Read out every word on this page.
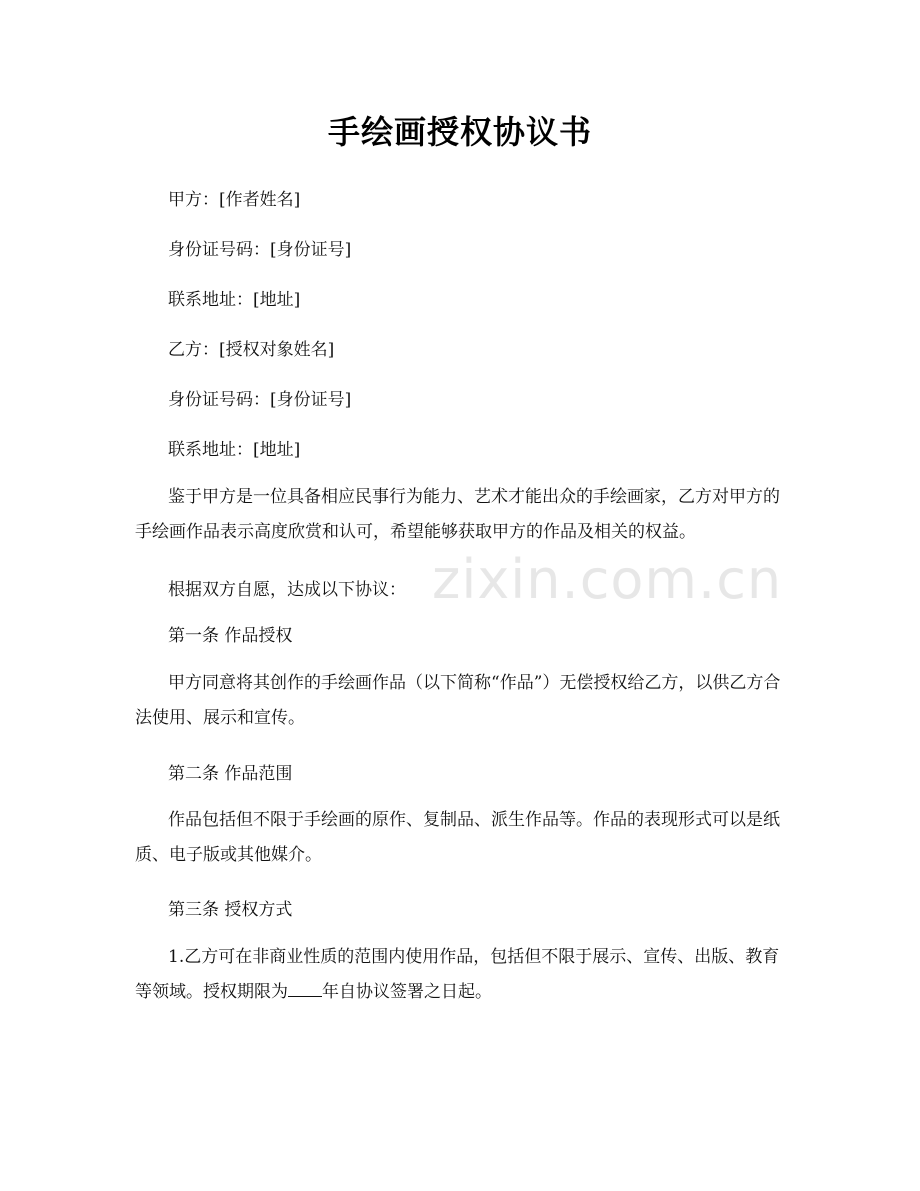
手绘画授权协议书
甲方：[作者姓名]
身份证号码：[身份证号]
联系地址：[地址]
乙方：[授权对象姓名]
身份证号码：[身份证号]
联系地址：[地址]
鉴于甲方是一位具备相应民事行为能力、艺术才能出众的手绘画家，乙方对甲方的手绘画作品表示高度欣赏和认可，希望能够获取甲方的作品及相关的权益。
根据双方自愿，达成以下协议：
第一条 作品授权
甲方同意将其创作的手绘画作品（以下简称“作品”）无偿授权给乙方，以供乙方合法使用、展示和宣传。
第二条 作品范围
作品包括但不限于手绘画的原作、复制品、派生作品等。作品的表现形式可以是纸质、电子版或其他媒介。
第三条 授权方式
1.乙方可在非商业性质的范围内使用作品，包括但不限于展示、宣传、出版、教育等领域。授权期限为 年自协议签署之日起。
zixin.com.cn
